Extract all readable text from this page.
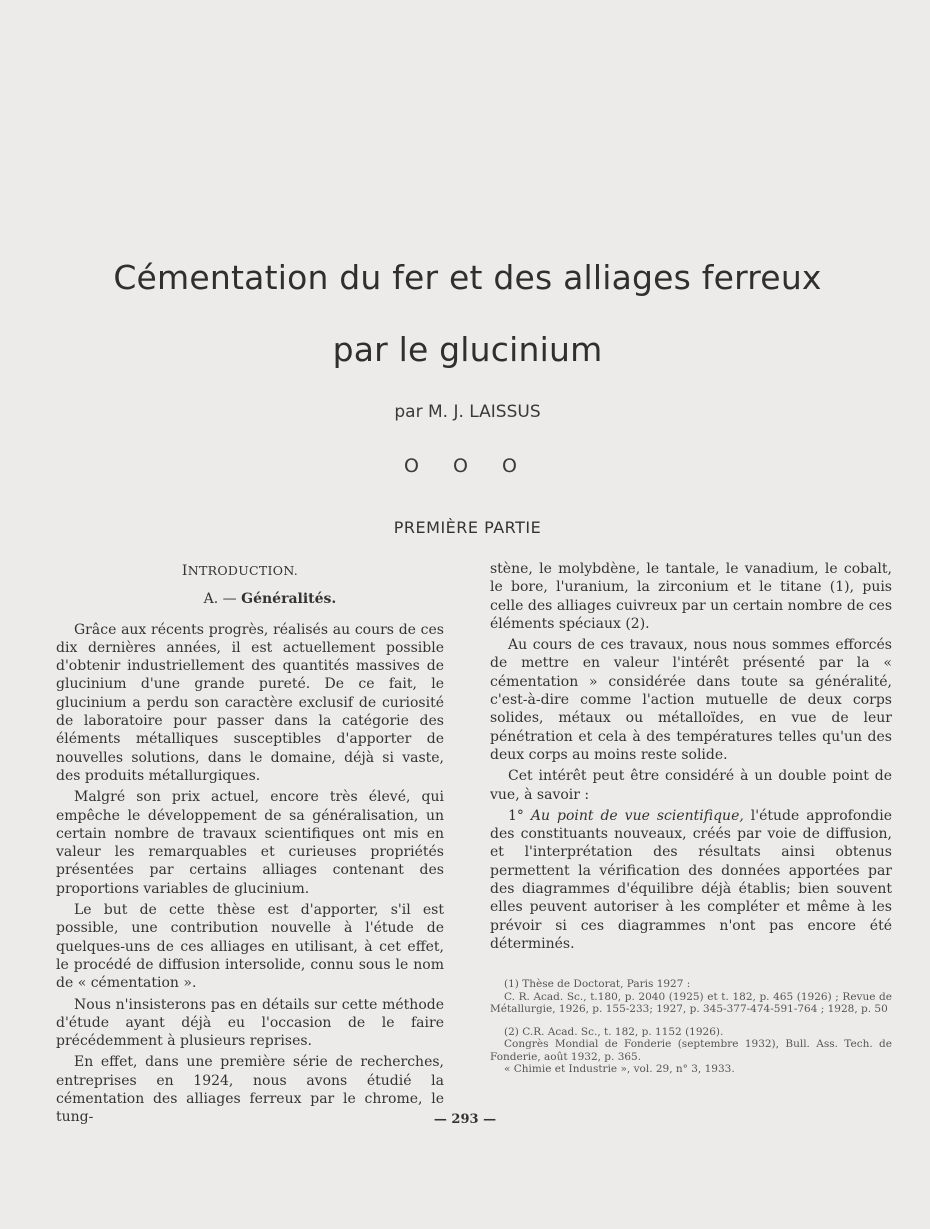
Cémentation du fer et des alliages ferreux
par le glucinium
par M. J. LAISSUS
O O O
PREMIÈRE PARTIE
INTRODUCTION.
A. — Généralités.

Grâce aux récents progrès, réalisés au cours de ces dix dernières années, il est actuellement possible d'obtenir industriellement des quantités massives de glucinium d'une grande pureté. De ce fait, le glucinium a perdu son caractère exclusif de curiosité de laboratoire pour passer dans la catégorie des éléments métalliques susceptibles d'apporter de nouvelles solutions, dans le domaine, déjà si vaste, des produits métallurgiques.

Malgré son prix actuel, encore très élevé, qui empêche le développement de sa généralisation, un certain nombre de travaux scientifiques ont mis en valeur les remarquables et curieuses propriétés présentées par certains alliages contenant des proportions variables de glucinium.

Le but de cette thèse est d'apporter, s'il est possible, une contribution nouvelle à l'étude de quelques-uns de ces alliages en utilisant, à cet effet, le procédé de diffusion intersolide, connu sous le nom de « cémentation ».

Nous n'insisterons pas en détails sur cette méthode d'étude ayant déjà eu l'occasion de le faire précédemment à plusieurs reprises.

En effet, dans une première série de recherches, entreprises en 1924, nous avons étudié la cémentation des alliages ferreux par le chrome, le tung-

stène, le molybdène, le tantale, le vanadium, le cobalt, le bore, l'uranium, la zirconium et le titane (1), puis celle des alliages cuivreux par un certain nombre de ces éléments spéciaux (2).

Au cours de ces travaux, nous nous sommes efforcés de mettre en valeur l'intérêt présenté par la « cémentation » considérée dans toute sa généralité, c'est-à-dire comme l'action mutuelle de deux corps solides, métaux ou métalloïdes, en vue de leur pénétration et cela à des températures telles qu'un des deux corps au moins reste solide.

Cet intérêt peut être considéré à un double point de vue, à savoir :

1° Au point de vue scientifique, l'étude approfondie des constituants nouveaux, créés par voie de diffusion, et l'interprétation des résultats ainsi obtenus permettent la vérification des données apportées par des diagrammes d'équilibre déjà établis; bien souvent elles peuvent autoriser à les compléter et même à les prévoir si ces diagrammes n'ont pas encore été déterminés.

(1) Thèse de Doctorat, Paris 1927 :

C. R. Acad. Sc., t.180, p. 2040 (1925) et t. 182, p. 465 (1926) ; Revue de Métallurgie, 1926, p. 155-233; 1927, p. 345-377-474-591-764 ; 1928, p. 50

(2) C.R. Acad. Sc., t. 182, p. 1152 (1926).

Congrès Mondial de Fonderie (septembre 1932), Bull. Ass. Tech. de Fonderie, août 1932, p. 365.

« Chimie et Industrie », vol. 29, n° 3, 1933.

— 293 —
